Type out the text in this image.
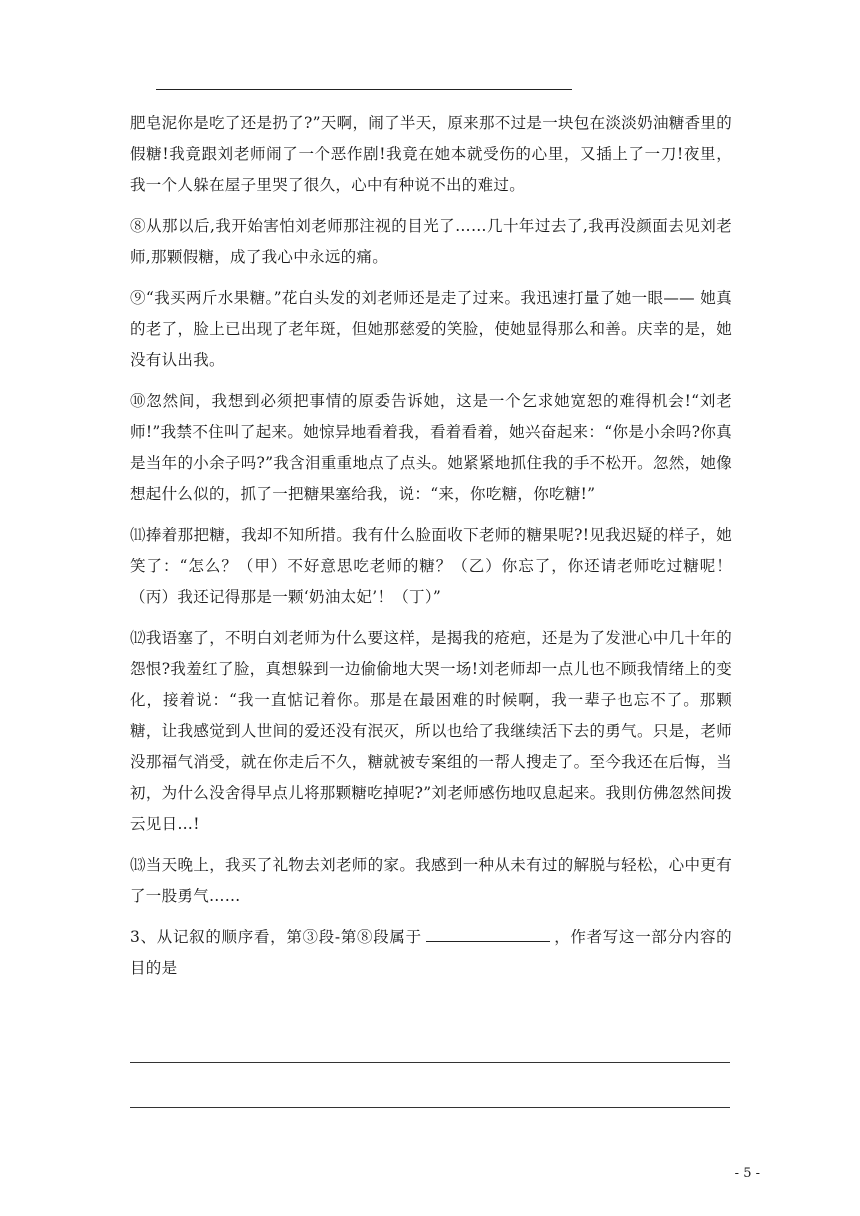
肥皂泥你是吃了还是扔了?”天啊，闹了半天，原来那不过是一块包在淡淡奶油糖香里的假糖!我竟跟刘老师闹了一个恶作剧!我竟在她本就受伤的心里，又插上了一刀!夜里，我一个人躲在屋子里哭了很久，心中有种说不出的难过。

⑧从那以后,我开始害怕刘老师那注视的目光了……几十年过去了,我再没颜面去见刘老师,那颗假糖，成了我心中永远的痛。

⑨“我买两斤水果糖。”花白头发的刘老师还是走了过来。我迅速打量了她一眼—— 她真的老了，脸上已出现了老年斑，但她那慈爱的笑脸，使她显得那么和善。庆幸的是，她没有认出我。

⑩忽然间，我想到必须把事情的原委告诉她，这是一个乞求她宽恕的难得机会!“刘老师!”我禁不住叫了起来。她惊异地看着我，看着看着，她兴奋起来：“你是小余吗?你真是当年的小余子吗?”我含泪重重地点了点头。她紧紧地抓住我的手不松开。忽然，她像想起什么似的，抓了一把糖果塞给我，说：“来，你吃糖，你吃糖!”

⑾捧着那把糖，我却不知所措。我有什么脸面收下老师的糖果呢?!见我迟疑的样子，她笑了：“怎么？（甲）不好意思吃老师的糖？（乙）你忘了，你还请老师吃过糖呢！（丙）我还记得那是一颗‘奶油太妃’！（丁）”

⑿我语塞了，不明白刘老师为什么要这样，是揭我的疮疤，还是为了发泄心中几十年的怨恨?我羞红了脸，真想躲到一边偷偷地大哭一场!刘老师却一点儿也不顾我情绪上的变化，接着说：“我一直惦记着你。那是在最困难的时候啊，我一辈子也忘不了。那颗糖，让我感觉到人世间的爱还没有泯灭，所以也给了我继续活下去的勇气。只是，老师没那福气消受，就在你走后不久，糖就被专案组的一帮人搜走了。至今我还在后悔，当初，为什么没舍得早点儿将那颗糖吃掉呢?”刘老师感伤地叹息起来。我則仿佛忽然间拨云见日…!

⒀当天晚上，我买了礼物去刘老师的家。我感到一种从未有过的解脱与轻松，心中更有了一股勇气……

3、从记叙的顺序看，第③段-第⑧段属于	，作者写这一部分内容的目的是

- 5 -
